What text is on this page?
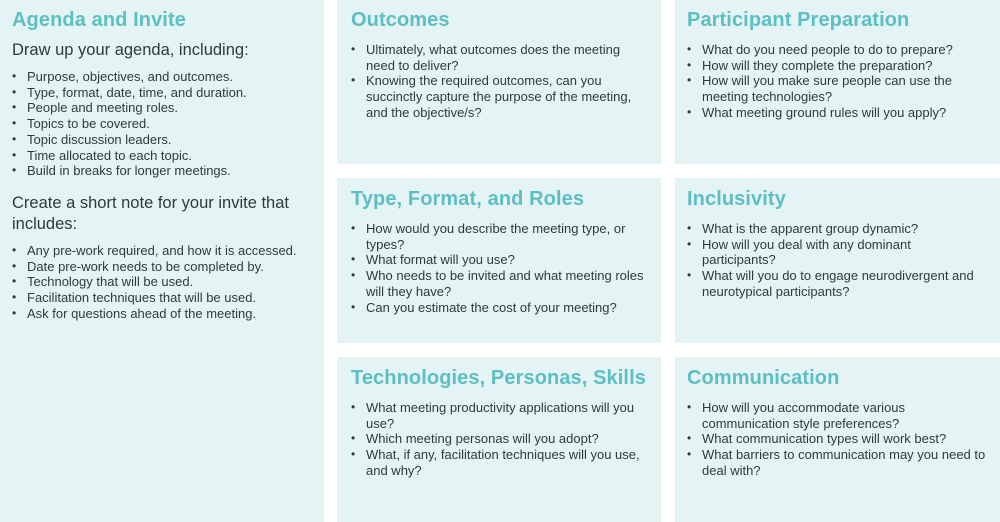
Agenda and Invite

Draw up your agenda, including:

• Purpose, objectives, and outcomes.
• Type, format, date, time, and duration.
• People and meeting roles.
• Topics to be covered.
• Topic discussion leaders.
• Time allocated to each topic.
• Build in breaks for longer meetings.

Create a short note for your invite that includes:

• Any pre-work required, and how it is accessed.
• Date pre-work needs to be completed by.
• Technology that will be used.
• Facilitation techniques that will be used.
• Ask for questions ahead of the meeting.
Outcomes
• Ultimately, what outcomes does the meeting need to deliver?
• Knowing the required outcomes, can you succinctly capture the purpose of the meeting, and the objective/s?
Participant Preparation
• What do you need people to do to prepare?
• How will they complete the preparation?
• How will you make sure people can use the meeting technologies?
• What meeting ground rules will you apply?
Type, Format, and Roles
• How would you describe the meeting type, or types?
• What format will you use?
• Who needs to be invited and what meeting roles will they have?
• Can you estimate the cost of your meeting?
Inclusivity
• What is the apparent group dynamic?
• How will you deal with any dominant participants?
• What will you do to engage neurodivergent and neurotypical participants?
Technologies, Personas, Skills
• What meeting productivity applications will you use?
• Which meeting personas will you adopt?
• What, if any, facilitation techniques will you use, and why?
Communication
• How will you accommodate various communication style preferences?
• What communication types will work best?
• What barriers to communication may you need to deal with?
